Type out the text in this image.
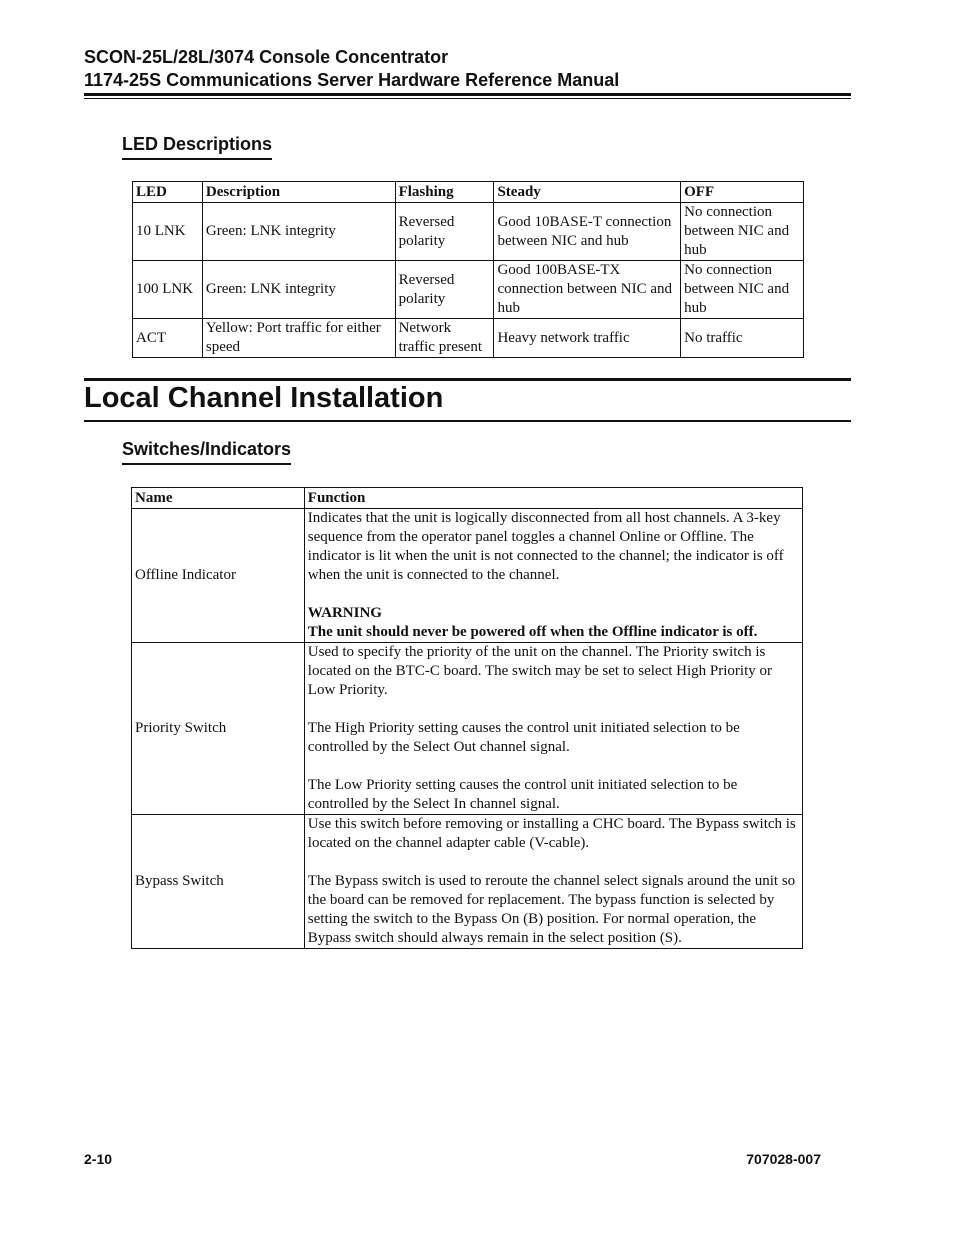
SCON-25L/28L/3074 Console Concentrator
1174-25S Communications Server Hardware Reference Manual
LED Descriptions
LED	Description	Flashing	Steady	OFF
10 LNK	Green: LNK integrity	Reversed polarity	Good 10BASE-T connection between NIC and hub	No connection between NIC and hub
100 LNK	Green: LNK integrity	Reversed polarity	Good 100BASE-TX connection between NIC and hub	No connection between NIC and hub
ACT	Yellow: Port traffic for either speed	Network traffic present	Heavy network traffic	No traffic
Local Channel Installation
Switches/Indicators
Name	Function
Offline Indicator	Indicates that the unit is logically disconnected from all host channels. A 3-key sequence from the operator panel toggles a channel Online or Offline. The indicator is lit when the unit is not connected to the channel; the indicator is off when the unit is connected to the channel.
WARNING
The unit should never be powered off when the Offline indicator is off.

Priority Switch	Used to specify the priority of the unit on the channel. The Priority switch is located on the BTC-C board. The switch may be set to select High Priority or Low Priority.
The High Priority setting causes the control unit initiated selection to be controlled by the Select Out channel signal.
The Low Priority setting causes the control unit initiated selection to be controlled by the Select In channel signal.

Bypass Switch	Use this switch before removing or installing a CHC board. The Bypass switch is located on the channel adapter cable (V-cable).
The Bypass switch is used to reroute the channel select signals around the unit so the board can be removed for replacement. The bypass function is selected by setting the switch to the Bypass On (B) position. For normal operation, the Bypass switch should always remain in the select position (S).
2-10	707028-007
